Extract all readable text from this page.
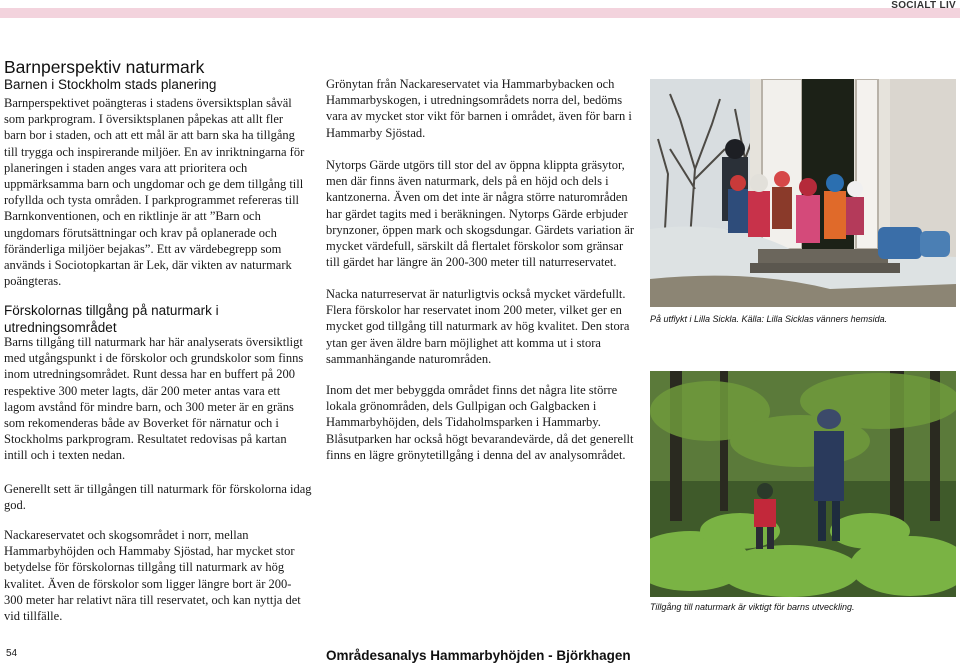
SOCIALT LIV
Barnperspektiv naturmark
Barnen i Stockholm stads planering

Barnperspektivet poängteras i stadens översiktsplan såväl som parkprogram. I översiktsplanen påpekas att allt fler barn bor i staden, och att ett mål är att barn ska ha tillgång till trygga och inspirerande miljöer. En av inriktningarna för planeringen i staden anges vara att prioritera och uppmärksamma barn och ungdomar och ge dem tillgång till rofyllda och tysta områden. I parkprogrammet refereras till Barnkonventionen, och en riktlinje är att ”Barn och ungdomars förutsättningar och krav på oplanerade och föränderliga miljöer bejakas”. Ett av värdebegrepp som används i Sociotopkartan är Lek, där vikten av naturmark poängteras.

Förskolornas tillgång på naturmark i utredningsområdet

Barns tillgång till naturmark har här analyserats översiktligt med utgångspunkt i de förskolor och grundskolor som finns inom utredningsområdet. Runt dessa har en buffert på 200 respektive 300 meter lagts, där 200 meter antas vara ett lagom avstånd för mindre barn, och 300 meter är en gräns som rekomenderas både av Boverket för närnatur och i Stockholms parkprogram. Resultatet redovisas på kartan intill och i texten nedan.

Generellt sett är tillgången till naturmark för förskolorna idag god.

Nackareservatet och skogsområdet i norr, mellan Hammarbyhöjden och Hammaby Sjöstad, har mycket stor betydelse för förskolornas tillgång till naturmark av hög kvalitet. Även de förskolor som ligger längre bort är 200-300 meter har relativt nära till reservatet, och kan nyttja det vid tillfälle.

Grönytan från Nackareservatet via Hammarbybacken och Hammarbyskogen, i utredningsområdets norra del, bedöms vara av mycket stor vikt för barnen i området, även för barn i Hammarby Sjöstad.

Nytorps Gärde utgörs till stor del av öppna klippta gräsytor, men där finns även naturmark, dels på en höjd och dels i kantzonerna. Även om det inte är några större naturområden har gärdet tagits med i beräkningen. Nytorps Gärde erbjuder brynzoner, öppen mark och skogsdungar. Gärdets variation är mycket värdefull, särskilt då flertalet förskolor som gränsar till gärdet har längre än 200-300 meter till naturreservatet.

Nacka naturreservat är naturligtvis också mycket värdefullt. Flera förskolor har reservatet inom 200 meter, vilket ger en mycket god tillgång till naturmark av hög kvalitet. Den stora ytan ger även äldre barn möjlighet att komma ut i stora sammanhängande naturområden.

Inom det mer bebyggda området finns det några lite större lokala grönområden, dels Gullpigan och Galgbacken i Hammarbyhöjden, dels Tidaholmsparken i Hammarby. Blåsutparken har också högt bevarandevärde, då det generellt finns en lägre grönytetillgång i denna del av analysområdet.

På utflykt i Lilla Sickla. Källa: Lilla Sicklas vänners hemsida.
Tillgång till naturmark är viktigt för barns utveckling.
54	Områdesanalys Hammarbyhöjden - Björkhagen
